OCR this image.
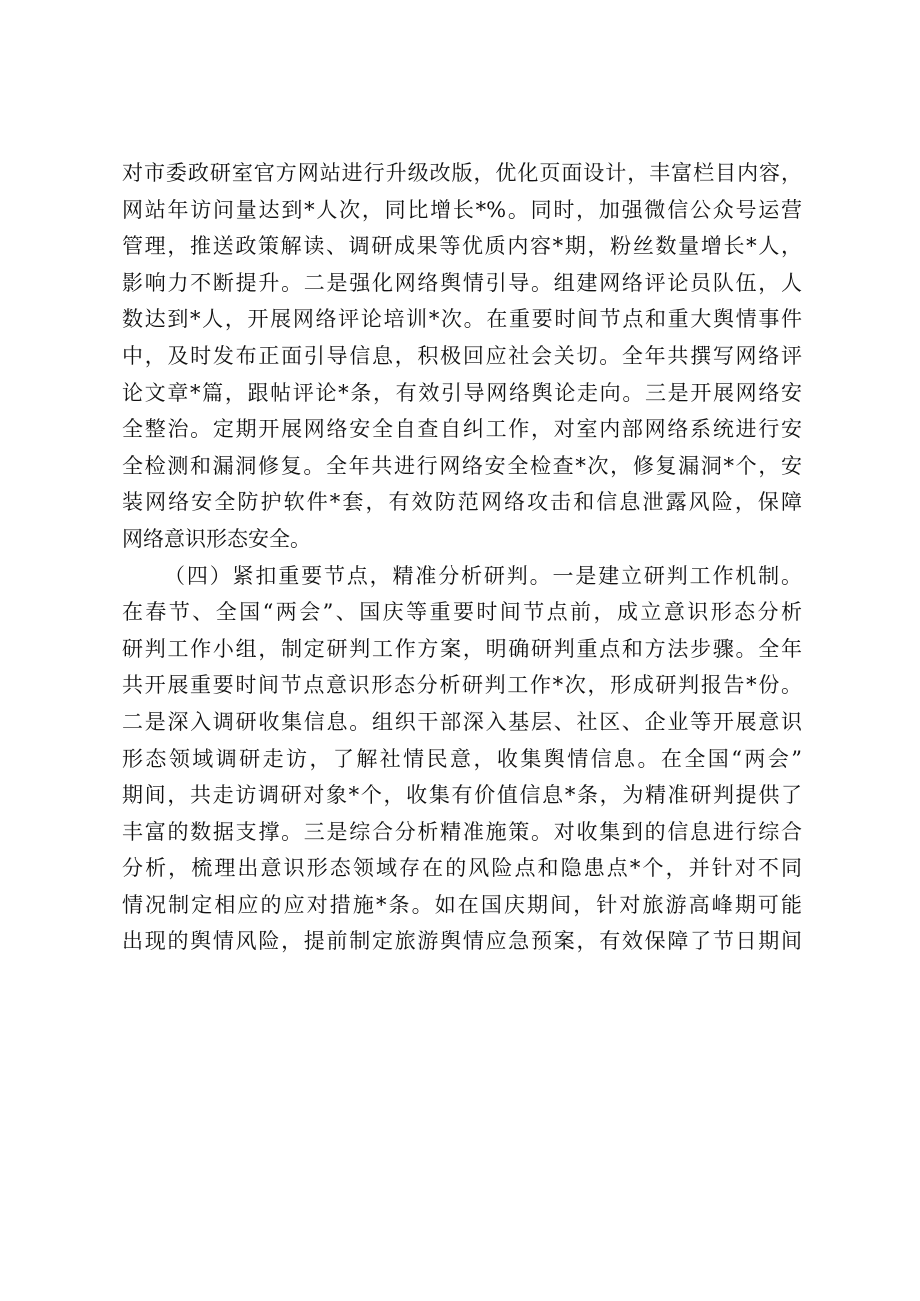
对市委政研室官方网站进行升级改版，优化页面设计，丰富栏目内容，
网站年访问量达到*人次，同比增长*%。同时，加强微信公众号运营
管理，推送政策解读、调研成果等优质内容*期，粉丝数量增长*人，
影响力不断提升。二是强化网络舆情引导。组建网络评论员队伍，人
数达到*人，开展网络评论培训*次。在重要时间节点和重大舆情事件
中，及时发布正面引导信息，积极回应社会关切。全年共撰写网络评
论文章*篇，跟帖评论*条，有效引导网络舆论走向。三是开展网络安
全整治。定期开展网络安全自查自纠工作，对室内部网络系统进行安
全检测和漏洞修复。全年共进行网络安全检查*次，修复漏洞*个，安
装网络安全防护软件*套，有效防范网络攻击和信息泄露风险，保障
网络意识形态安全。
（四）紧扣重要节点，精准分析研判。一是建立研判工作机制。
在春节、全国“两会”、国庆等重要时间节点前，成立意识形态分析
研判工作小组，制定研判工作方案，明确研判重点和方法步骤。全年
共开展重要时间节点意识形态分析研判工作*次，形成研判报告*份。
二是深入调研收集信息。组织干部深入基层、社区、企业等开展意识
形态领域调研走访，了解社情民意，收集舆情信息。在全国“两会”
期间，共走访调研对象*个，收集有价值信息*条，为精准研判提供了
丰富的数据支撑。三是综合分析精准施策。对收集到的信息进行综合
分析，梳理出意识形态领域存在的风险点和隐患点*个，并针对不同
情况制定相应的应对措施*条。如在国庆期间，针对旅游高峰期可能
出现的舆情风险，提前制定旅游舆情应急预案，有效保障了节日期间
